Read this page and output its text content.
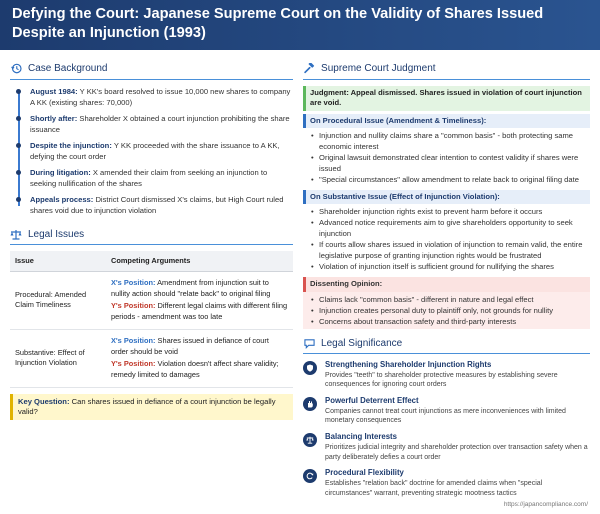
Defying the Court: Japanese Supreme Court on the Validity of Shares Issued Despite an Injunction (1993)
Case Background
August 1984: Y KK's board resolved to issue 10,000 new shares to company A KK (existing shares: 70,000)
Shortly after: Shareholder X obtained a court injunction prohibiting the share issuance
Despite the injunction: Y KK proceeded with the share issuance to A KK, defying the court order
During litigation: X amended their claim from seeking an injunction to seeking nullification of the shares
Appeals process: District Court dismissed X's claims, but High Court ruled shares void due to injunction violation
Legal Issues
Issue	Competing Arguments
Procedural: Amended Claim Timeliness	X's Position: Amendment from injunction suit to nullity action should "relate back" to original filing
Y's Position: Different legal claims with different filing periods - amendment was too late

Substantive: Effect of Injunction Violation	X's Position: Shares issued in defiance of court order should be void
Y's Position: Violation doesn't affect share validity; remedy limited to damages
Key Question: Can shares issued in defiance of a court injunction be legally valid?
Supreme Court Judgment
Judgment: Appeal dismissed. Shares issued in violation of court injunction are void.
On Procedural Issue (Amendment & Timeliness):
• Injunction and nullity claims share a "common basis" - both protecting same economic interest
• Original lawsuit demonstrated clear intention to contest validity if shares were issued
• "Special circumstances" allow amendment to relate back to original filing date
On Substantive Issue (Effect of Injunction Violation):
• Shareholder injunction rights exist to prevent harm before it occurs
• Advanced notice requirements aim to give shareholders opportunity to seek injunction
• If courts allow shares issued in violation of injunction to remain valid, the entire legislative purpose of granting injunction rights would be frustrated
• Violation of injunction itself is sufficient ground for nullifying the shares
Dissenting Opinion:
• Claims lack "common basis" - different in nature and legal effect
• Injunction creates personal duty to plaintiff only, not grounds for nullity
• Concerns about transaction safety and third-party interests
Legal Significance
Strengthening Shareholder Injunction Rights
Provides "teeth" to shareholder protective measures by establishing severe consequences for ignoring court orders
Powerful Deterrent Effect
Companies cannot treat court injunctions as mere inconveniences with limited monetary consequences
Balancing Interests
Prioritizes judicial integrity and shareholder protection over transaction safety when a party deliberately defies a court order
Procedural Flexibility
Establishes "relation back" doctrine for amended claims when "special circumstances" warrant, preventing strategic mootness tactics
https://japancompliance.com/
